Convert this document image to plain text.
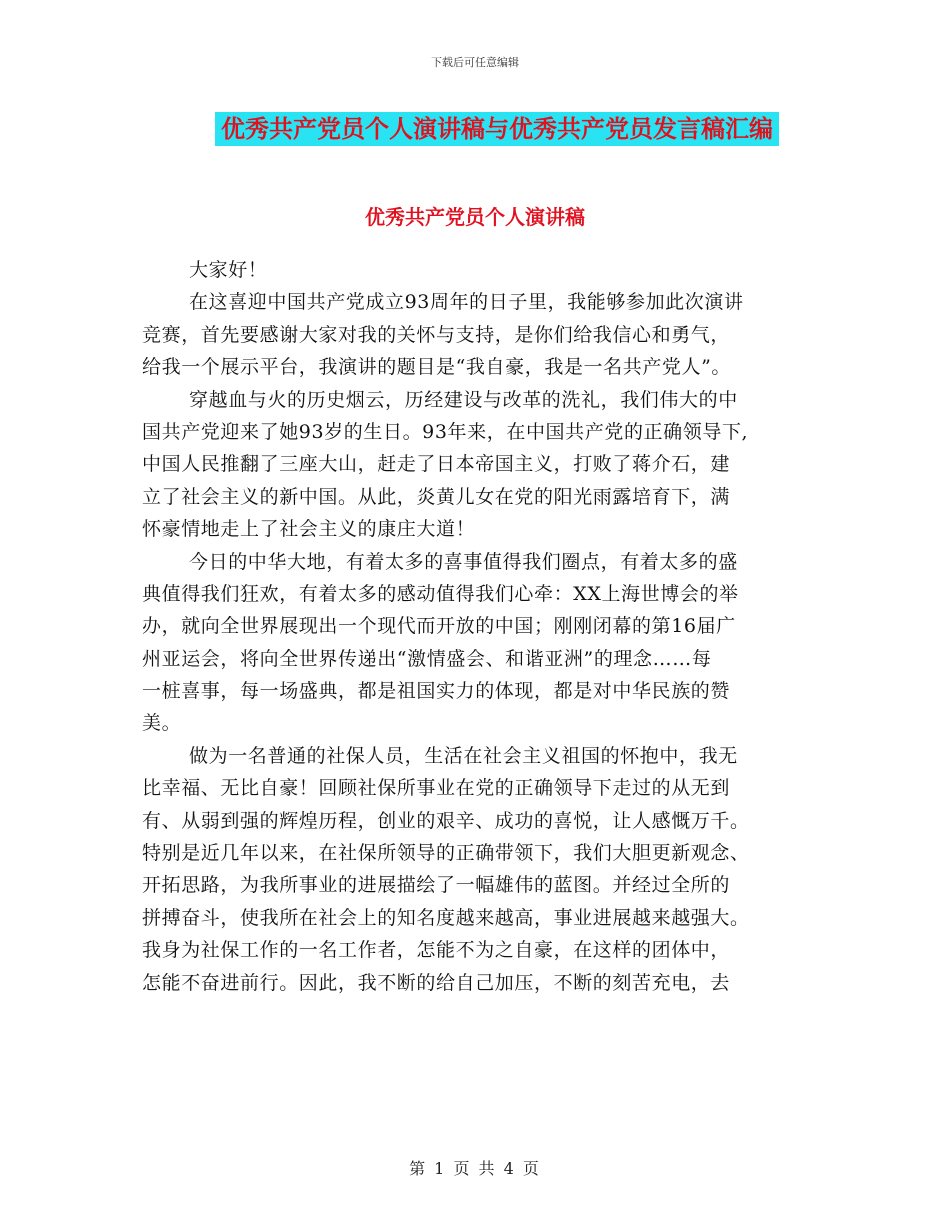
下载后可任意编辑
优秀共产党员个人演讲稿与优秀共产党员发言稿汇编
优秀共产党员个人演讲稿
大家好！
在这喜迎中国共产党成立93周年的日子里，我能够参加此次演讲
竞赛，首先要感谢大家对我的关怀与支持，是你们给我信心和勇气，
给我一个展示平台，我演讲的题目是“我自豪，我是一名共产党人”。
穿越血与火的历史烟云，历经建设与改革的洗礼，我们伟大的中
国共产党迎来了她93岁的生日。93年来，在中国共产党的正确领导下,
中国人民推翻了三座大山，赶走了日本帝国主义，打败了蒋介石，建
立了社会主义的新中国。从此，炎黄儿女在党的阳光雨露培育下，满
怀豪情地走上了社会主义的康庄大道！
今日的中华大地，有着太多的喜事值得我们圈点，有着太多的盛
典值得我们狂欢，有着太多的感动值得我们心牵：XX上海世博会的举
办，就向全世界展现出一个现代而开放的中国；刚刚闭幕的第16届广
州亚运会，将向全世界传递出“激情盛会、和谐亚洲”的理念……每
一桩喜事，每一场盛典，都是祖国实力的体现，都是对中华民族的赞
美。
做为一名普通的社保人员，生活在社会主义祖国的怀抱中，我无
比幸福、无比自豪！回顾社保所事业在党的正确领导下走过的从无到
有、从弱到强的辉煌历程，创业的艰辛、成功的喜悦，让人感慨万千。
特别是近几年以来，在社保所领导的正确带领下，我们大胆更新观念、
开拓思路，为我所事业的进展描绘了一幅雄伟的蓝图。并经过全所的
拼搏奋斗，使我所在社会上的知名度越来越高，事业进展越来越强大。
我身为社保工作的一名工作者，怎能不为之自豪，在这样的团体中，
怎能不奋进前行。因此，我不断的给自己加压，不断的刻苦充电，去
第 1 页 共 4 页
